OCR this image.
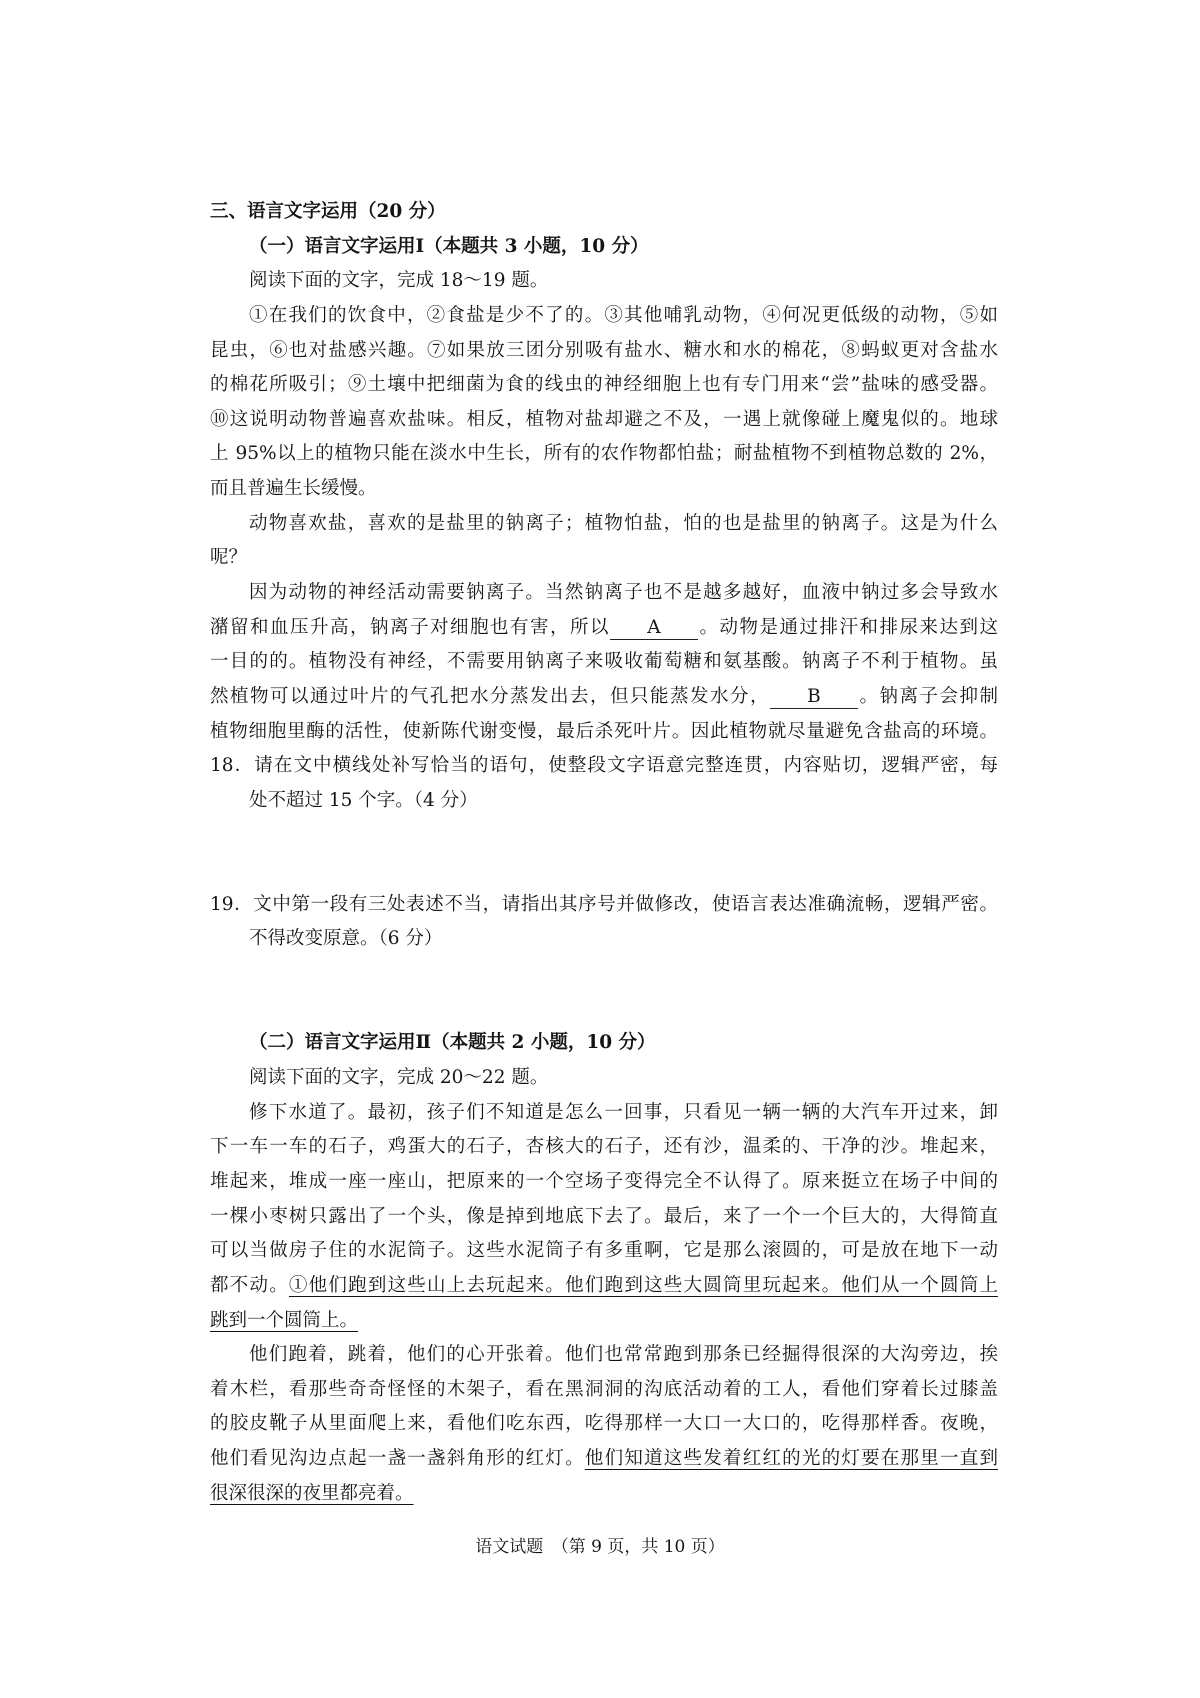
三、语言文字运用（20 分）
（一）语言文字运用Ⅰ（本题共 3 小题，10 分）
阅读下面的文字，完成 18～19 题。
①在我们的饮食中，②食盐是少不了的。③其他哺乳动物，④何况更低级的动物，⑤如
昆虫，⑥也对盐感兴趣。⑦如果放三团分别吸有盐水、糖水和水的棉花，⑧蚂蚁更对含盐水
的棉花所吸引；⑨土壤中把细菌为食的线虫的神经细胞上也有专门用来“尝”盐味的感受器。
⑩这说明动物普遍喜欢盐味。相反，植物对盐却避之不及，一遇上就像碰上魔鬼似的。地球
上 95%以上的植物只能在淡水中生长，所有的农作物都怕盐；耐盐植物不到植物总数的 2%，
而且普遍生长缓慢。
动物喜欢盐，喜欢的是盐里的钠离子；植物怕盐，怕的也是盐里的钠离子。这是为什么
呢？
因为动物的神经活动需要钠离子。当然钠离子也不是越多越好，血液中钠过多会导致水
潴留和血压升高，钠离子对细胞也有害，所以 A 。动物是通过排汗和排尿来达到这
一目的的。植物没有神经，不需要用钠离子来吸收葡萄糖和氨基酸。钠离子不利于植物。虽
然植物可以通过叶片的气孔把水分蒸发出去，但只能蒸发水分， B 。钠离子会抑制
植物细胞里酶的活性，使新陈代谢变慢，最后杀死叶片。因此植物就尽量避免含盐高的环境。
18．请在文中横线处补写恰当的语句，使整段文字语意完整连贯，内容贴切，逻辑严密，每
处不超过 15 个字。（4 分）
19．文中第一段有三处表述不当，请指出其序号并做修改，使语言表达准确流畅，逻辑严密。
不得改变原意。（6 分）
（二）语言文字运用Ⅱ（本题共 2 小题，10 分）
阅读下面的文字，完成 20～22 题。
修下水道了。最初，孩子们不知道是怎么一回事，只看见一辆一辆的大汽车开过来，卸
下一车一车的石子，鸡蛋大的石子，杏核大的石子，还有沙，温柔的、干净的沙。堆起来，
堆起来，堆成一座一座山，把原来的一个空场子变得完全不认得了。原来挺立在场子中间的
一棵小枣树只露出了一个头，像是掉到地底下去了。最后，来了一个一个巨大的，大得简直
可以当做房子住的水泥筒子。这些水泥筒子有多重啊，它是那么滚圆的，可是放在地下一动
都不动。①他们跑到这些山上去玩起来。他们跑到这些大圆筒里玩起来。他们从一个圆筒上
跳到一个圆筒上。
他们跑着，跳着，他们的心开张着。他们也常常跑到那条已经掘得很深的大沟旁边，挨
着木栏，看那些奇奇怪怪的木架子，看在黑洞洞的沟底活动着的工人，看他们穿着长过膝盖
的胶皮靴子从里面爬上来，看他们吃东西，吃得那样一大口一大口的，吃得那样香。夜晚，
他们看见沟边点起一盏一盏斜角形的红灯。他们知道这些发着红红的光的灯要在那里一直到
很深很深的夜里都亮着。
语文试题　（第 9 页，共 10 页）
